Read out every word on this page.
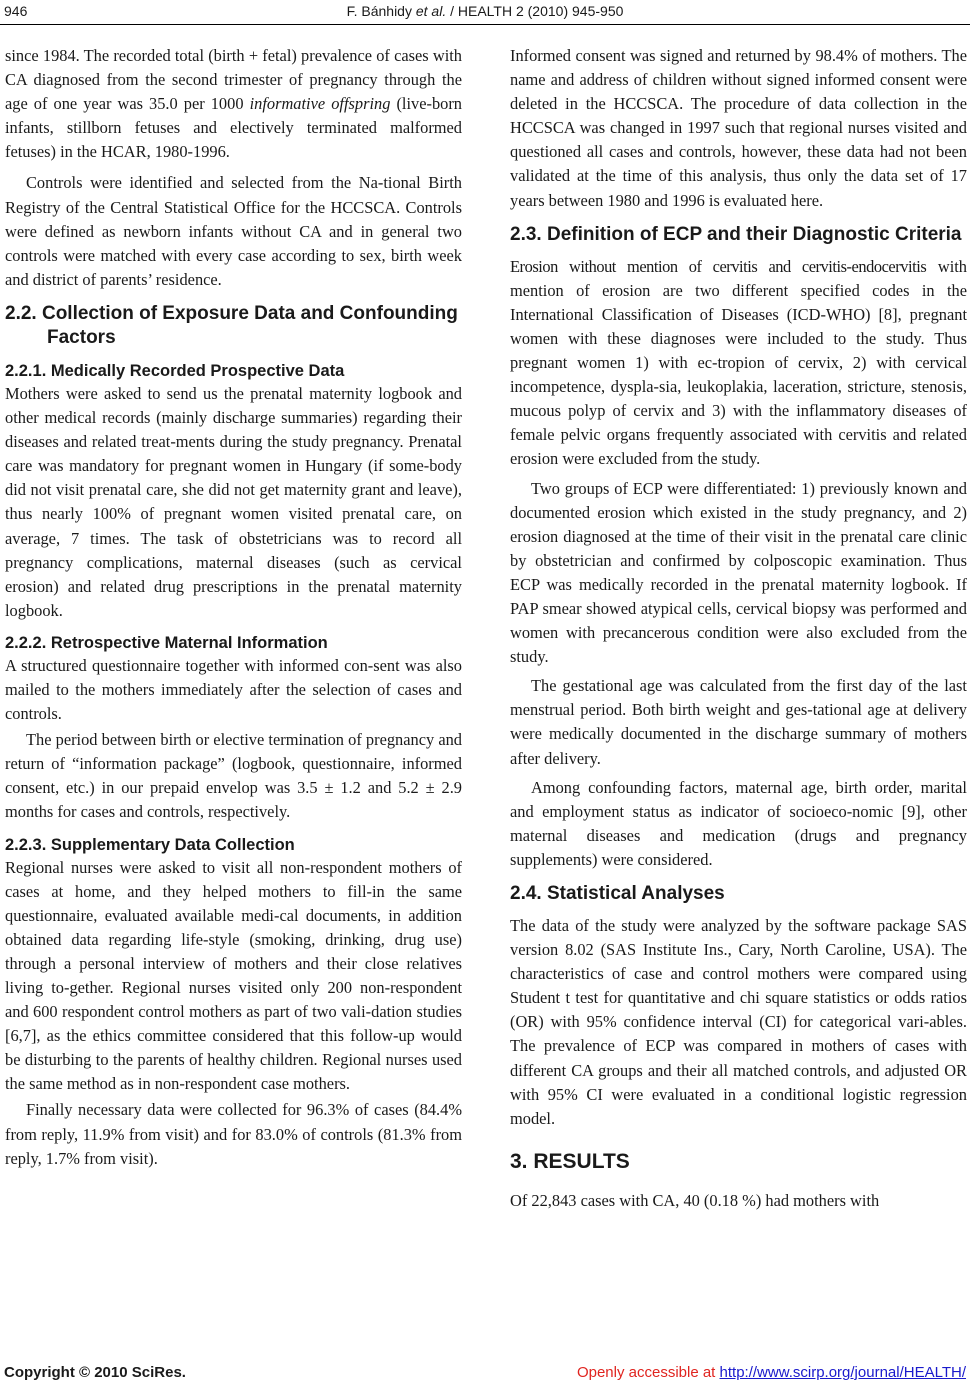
946	F. Bánhidy et al. / HEALTH 2 (2010) 945-950

since 1984. The recorded total (birth + fetal) prevalence of cases with CA diagnosed from the second trimester of pregnancy through the age of one year was 35.0 per 1000 informative offspring (live-born infants, stillborn fetuses and electively terminated malformed fetuses) in the HCAR, 1980-1996.

Controls were identified and selected from the Na-tional Birth Registry of the Central Statistical Office for the HCCSCA. Controls were defined as newborn infants without CA and in general two controls were matched with every case according to sex, birth week and district of parents’ residence.

2.2. Collection of Exposure Data and Confounding Factors
2.2.1. Medically Recorded Prospective Data

Mothers were asked to send us the prenatal maternity logbook and other medical records (mainly discharge summaries) regarding their diseases and related treat-ments during the study pregnancy. Prenatal care was mandatory for pregnant women in Hungary (if some-body did not visit prenatal care, she did not get maternity grant and leave), thus nearly 100% of pregnant women visited prenatal care, on average, 7 times. The task of obstetricians was to record all pregnancy complications, maternal diseases (such as cervical erosion) and related drug prescriptions in the prenatal maternity logbook.

2.2.2. Retrospective Maternal Information

A structured questionnaire together with informed con-sent was also mailed to the mothers immediately after the selection of cases and controls.

The period between birth or elective termination of pregnancy and return of “information package” (logbook, questionnaire, informed consent, etc.) in our prepaid envelop was 3.5 ± 1.2 and 5.2 ± 2.9 months for cases and controls, respectively.

2.2.3. Supplementary Data Collection

Regional nurses were asked to visit all non-respondent mothers of cases at home, and they helped mothers to fill-in the same questionnaire, evaluated available medi-cal documents, in addition obtained data regarding life-style (smoking, drinking, drug use) through a personal interview of mothers and their close relatives living to-gether. Regional nurses visited only 200 non-respondent and 600 respondent control mothers as part of two vali-dation studies [6,7], as the ethics committee considered that this follow-up would be disturbing to the parents of healthy children. Regional nurses used the same method as in non-respondent case mothers.

Finally necessary data were collected for 96.3% of cases (84.4% from reply, 11.9% from visit) and for 83.0% of controls (81.3% from reply, 1.7% from visit).

Informed consent was signed and returned by 98.4% of mothers. The name and address of children without signed informed consent were deleted in the HCCSCA. The procedure of data collection in the HCCSCA was changed in 1997 such that regional nurses visited and questioned all cases and controls, however, these data had not been validated at the time of this analysis, thus only the data set of 17 years between 1980 and 1996 is evaluated here.

2.3. Definition of ECP and their Diagnostic Criteria

Erosion without mention of cervitis and cervitis-endocervitis with mention of erosion are two different specified codes in the International Classification of Diseases (ICD-WHO) [8], pregnant women with these diagnoses were included to the study. Thus pregnant women 1) with ec-tropion of cervix, 2) with cervical incompetence, dyspla-sia, leukoplakia, laceration, stricture, stenosis, mucous polyp of cervix and 3) with the inflammatory diseases of female pelvic organs frequently associated with cervitis and related erosion were excluded from the study.

Two groups of ECP were differentiated: 1) previously known and documented erosion which existed in the study pregnancy, and 2) erosion diagnosed at the time of their visit in the prenatal care clinic by obstetrician and confirmed by colposcopic examination. Thus ECP was medically recorded in the prenatal maternity logbook. If PAP smear showed atypical cells, cervical biopsy was performed and women with precancerous condition were also excluded from the study.

The gestational age was calculated from the first day of the last menstrual period. Both birth weight and ges-tational age at delivery were medically documented in the discharge summary of mothers after delivery.

Among confounding factors, maternal age, birth order, marital and employment status as indicator of socioeco-nomic [9], other maternal diseases and medication (drugs and pregnancy supplements) were considered.

2.4. Statistical Analyses

The data of the study were analyzed by the software package SAS version 8.02 (SAS Institute Ins., Cary, North Caroline, USA). The characteristics of case and control mothers were compared using Student t test for quantitative and chi square statistics or odds ratios (OR) with 95% confidence interval (CI) for categorical vari-ables. The prevalence of ECP was compared in mothers of cases with different CA groups and their all matched controls, and adjusted OR with 95% CI were evaluated in a conditional logistic regression model.

3. RESULTS

Of 22,843 cases with CA, 40 (0.18 %) had mothers with

Copyright © 2010 SciRes.	Openly accessible at http://www.scirp.org/journal/HEALTH/
